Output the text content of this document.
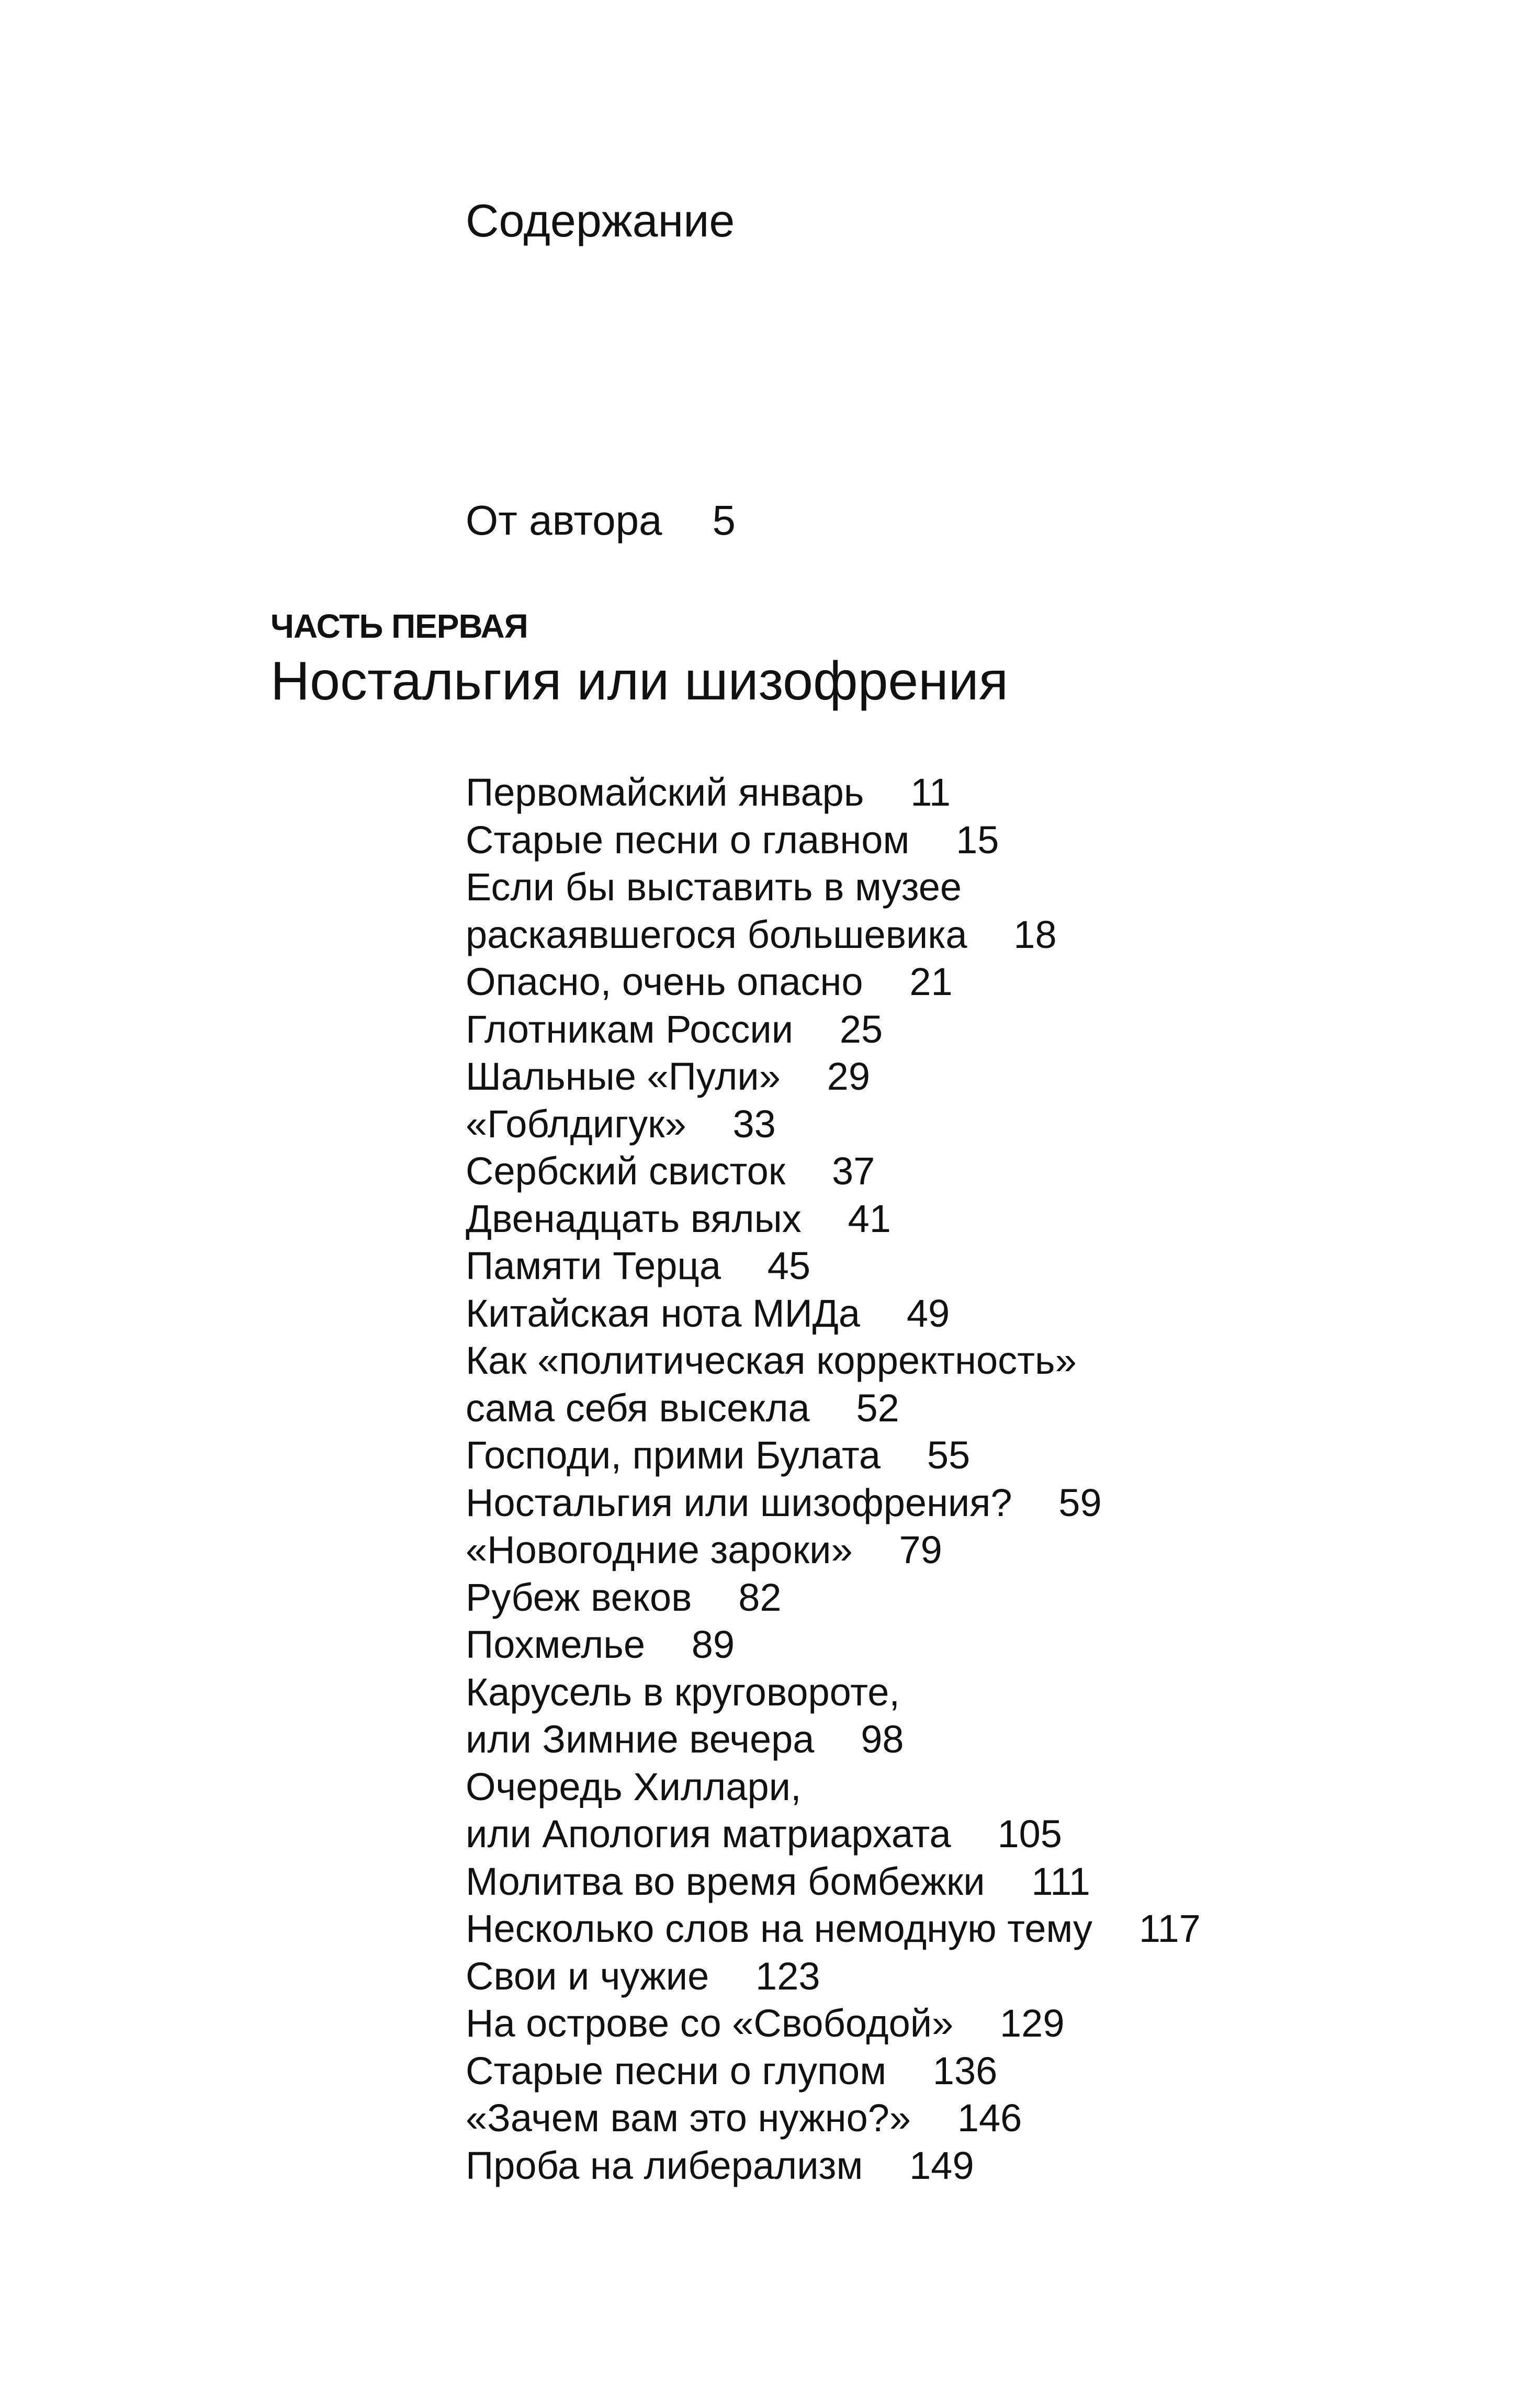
Содержание
От автора 5
ЧАСТЬ ПЕРВАЯ
Ностальгия или шизофрения
Первомайский январь 11
Старые песни о главном 15
Если бы выставить в музее
раскаявшегося большевика 18
Опасно, очень опасно 21
Глотникам России 25
Шальные «Пули» 29
«Гоблдигук» 33
Сербский свисток 37
Двенадцать вялых 41
Памяти Терца 45
Китайская нота МИДа 49
Как «политическая корректность»
сама себя высекла 52
Господи, прими Булата 55
Ностальгия или шизофрения? 59
«Новогодние зароки» 79
Рубеж веков 82
Похмелье 89
Карусель в круговороте,
или Зимние вечера 98
Очередь Хиллари,
или Апология матриархата 105
Молитва во время бомбежки 111
Несколько слов на немодную тему 117
Свои и чужие 123
На острове со «Свободой» 129
Старые песни о глупом 136
«Зачем вам это нужно?» 146
Проба на либерализм 149
